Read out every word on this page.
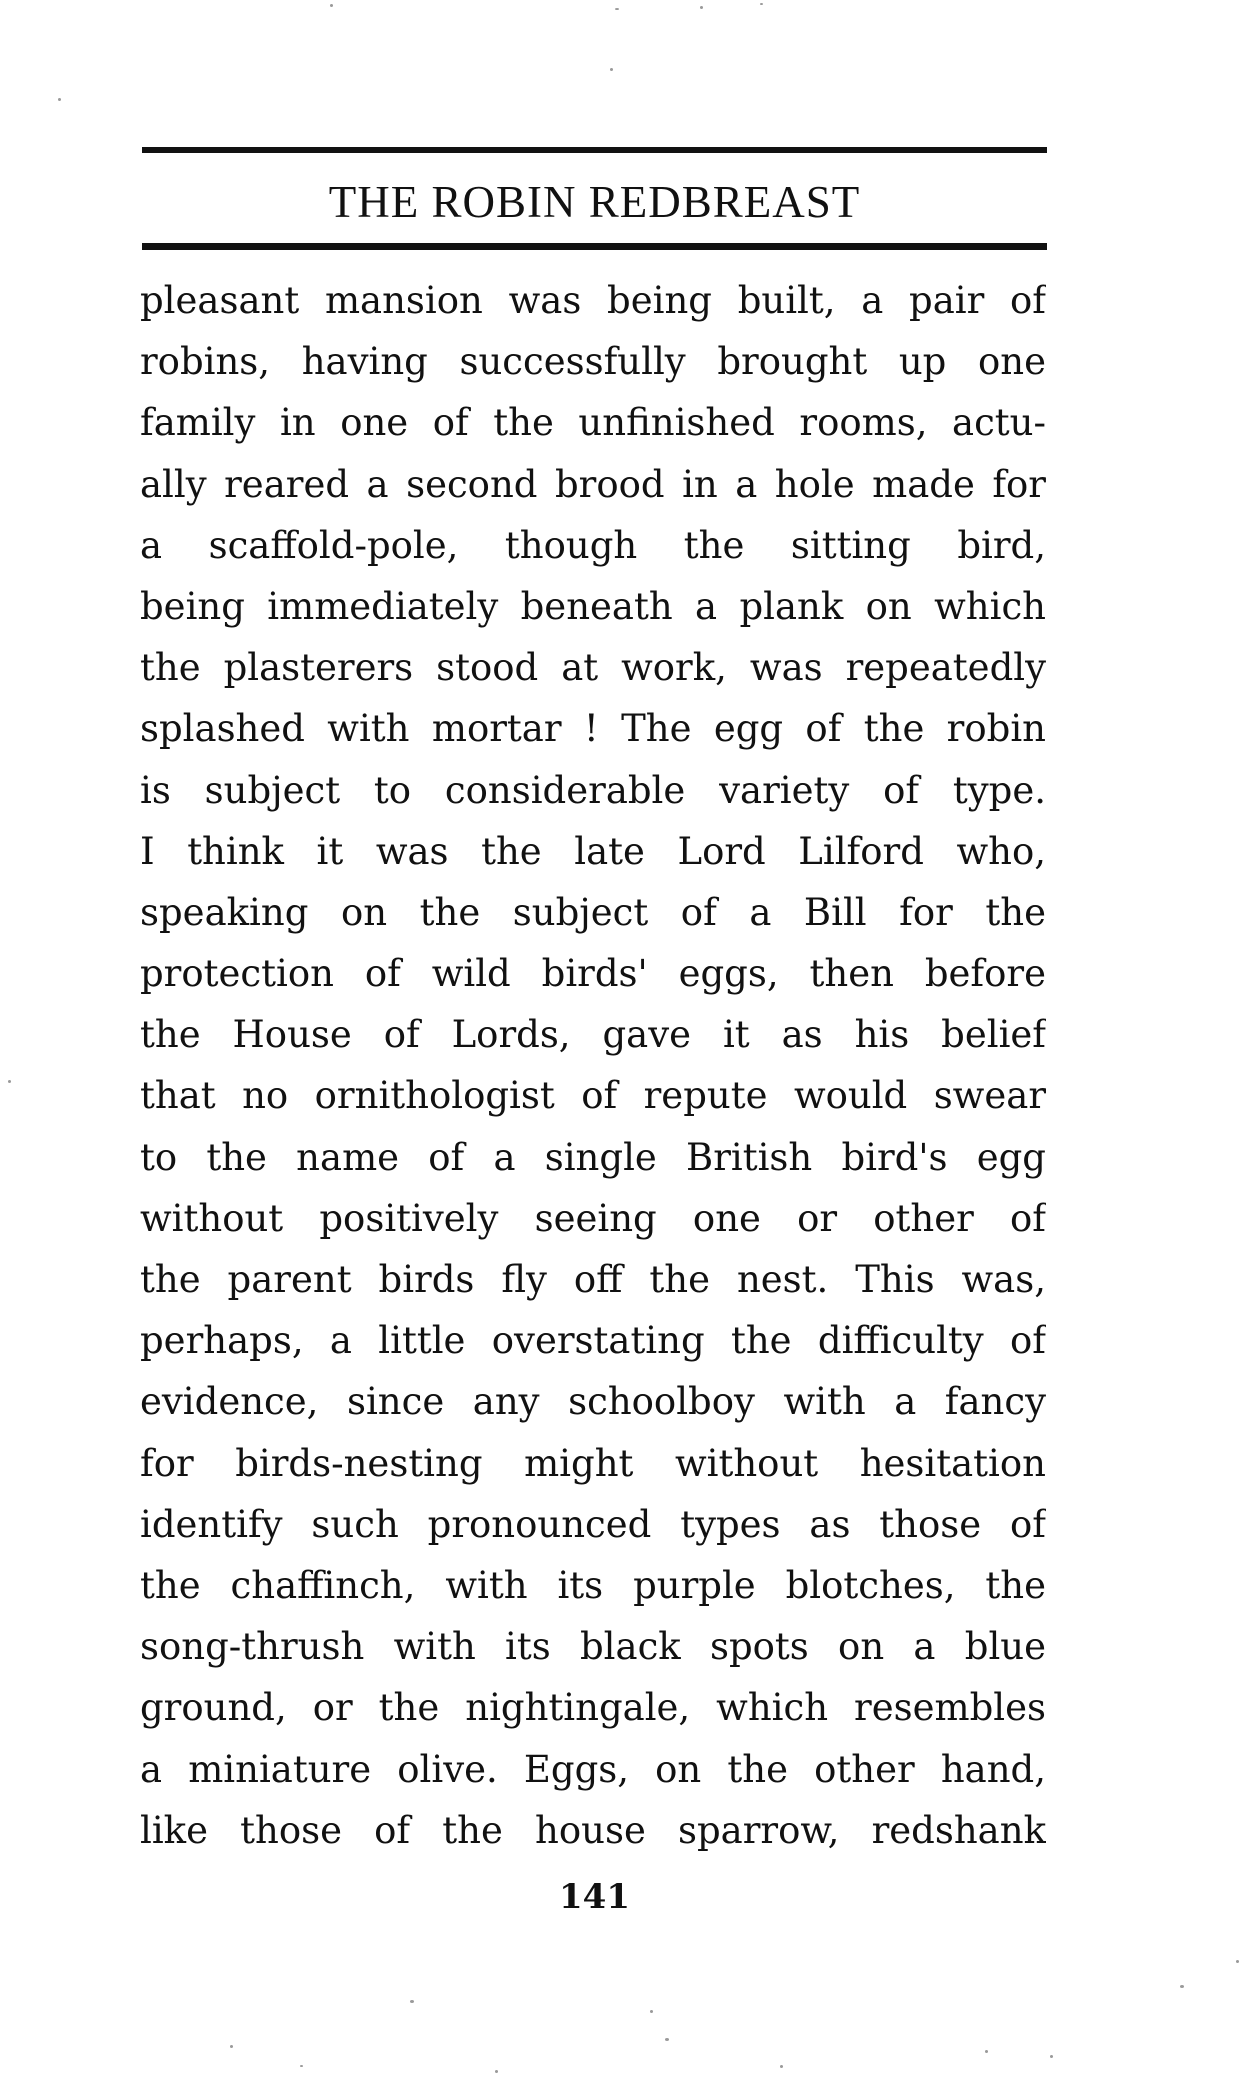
THE ROBIN REDBREAST
pleasant mansion was being built, a pair of
robins, having successfully brought up one
family in one of the unfinished rooms, actu-
ally reared a second brood in a hole made for
a scaffold-pole, though the sitting bird,
being immediately beneath a plank on which
the plasterers stood at work, was repeatedly
splashed with mortar ! The egg of the robin
is subject to considerable variety of type.
I think it was the late Lord Lilford who,
speaking on the subject of a Bill for the
protection of wild birds' eggs, then before
the House of Lords, gave it as his belief
that no ornithologist of repute would swear
to the name of a single British bird's egg
without positively seeing one or other of
the parent birds fly off the nest. This was,
perhaps, a little overstating the difficulty of
evidence, since any schoolboy with a fancy
for birds-nesting might without hesitation
identify such pronounced types as those of
the chaffinch, with its purple blotches, the
song-thrush with its black spots on a blue
ground, or the nightingale, which resembles
a miniature olive. Eggs, on the other hand,
like those of the house sparrow, redshank
141
